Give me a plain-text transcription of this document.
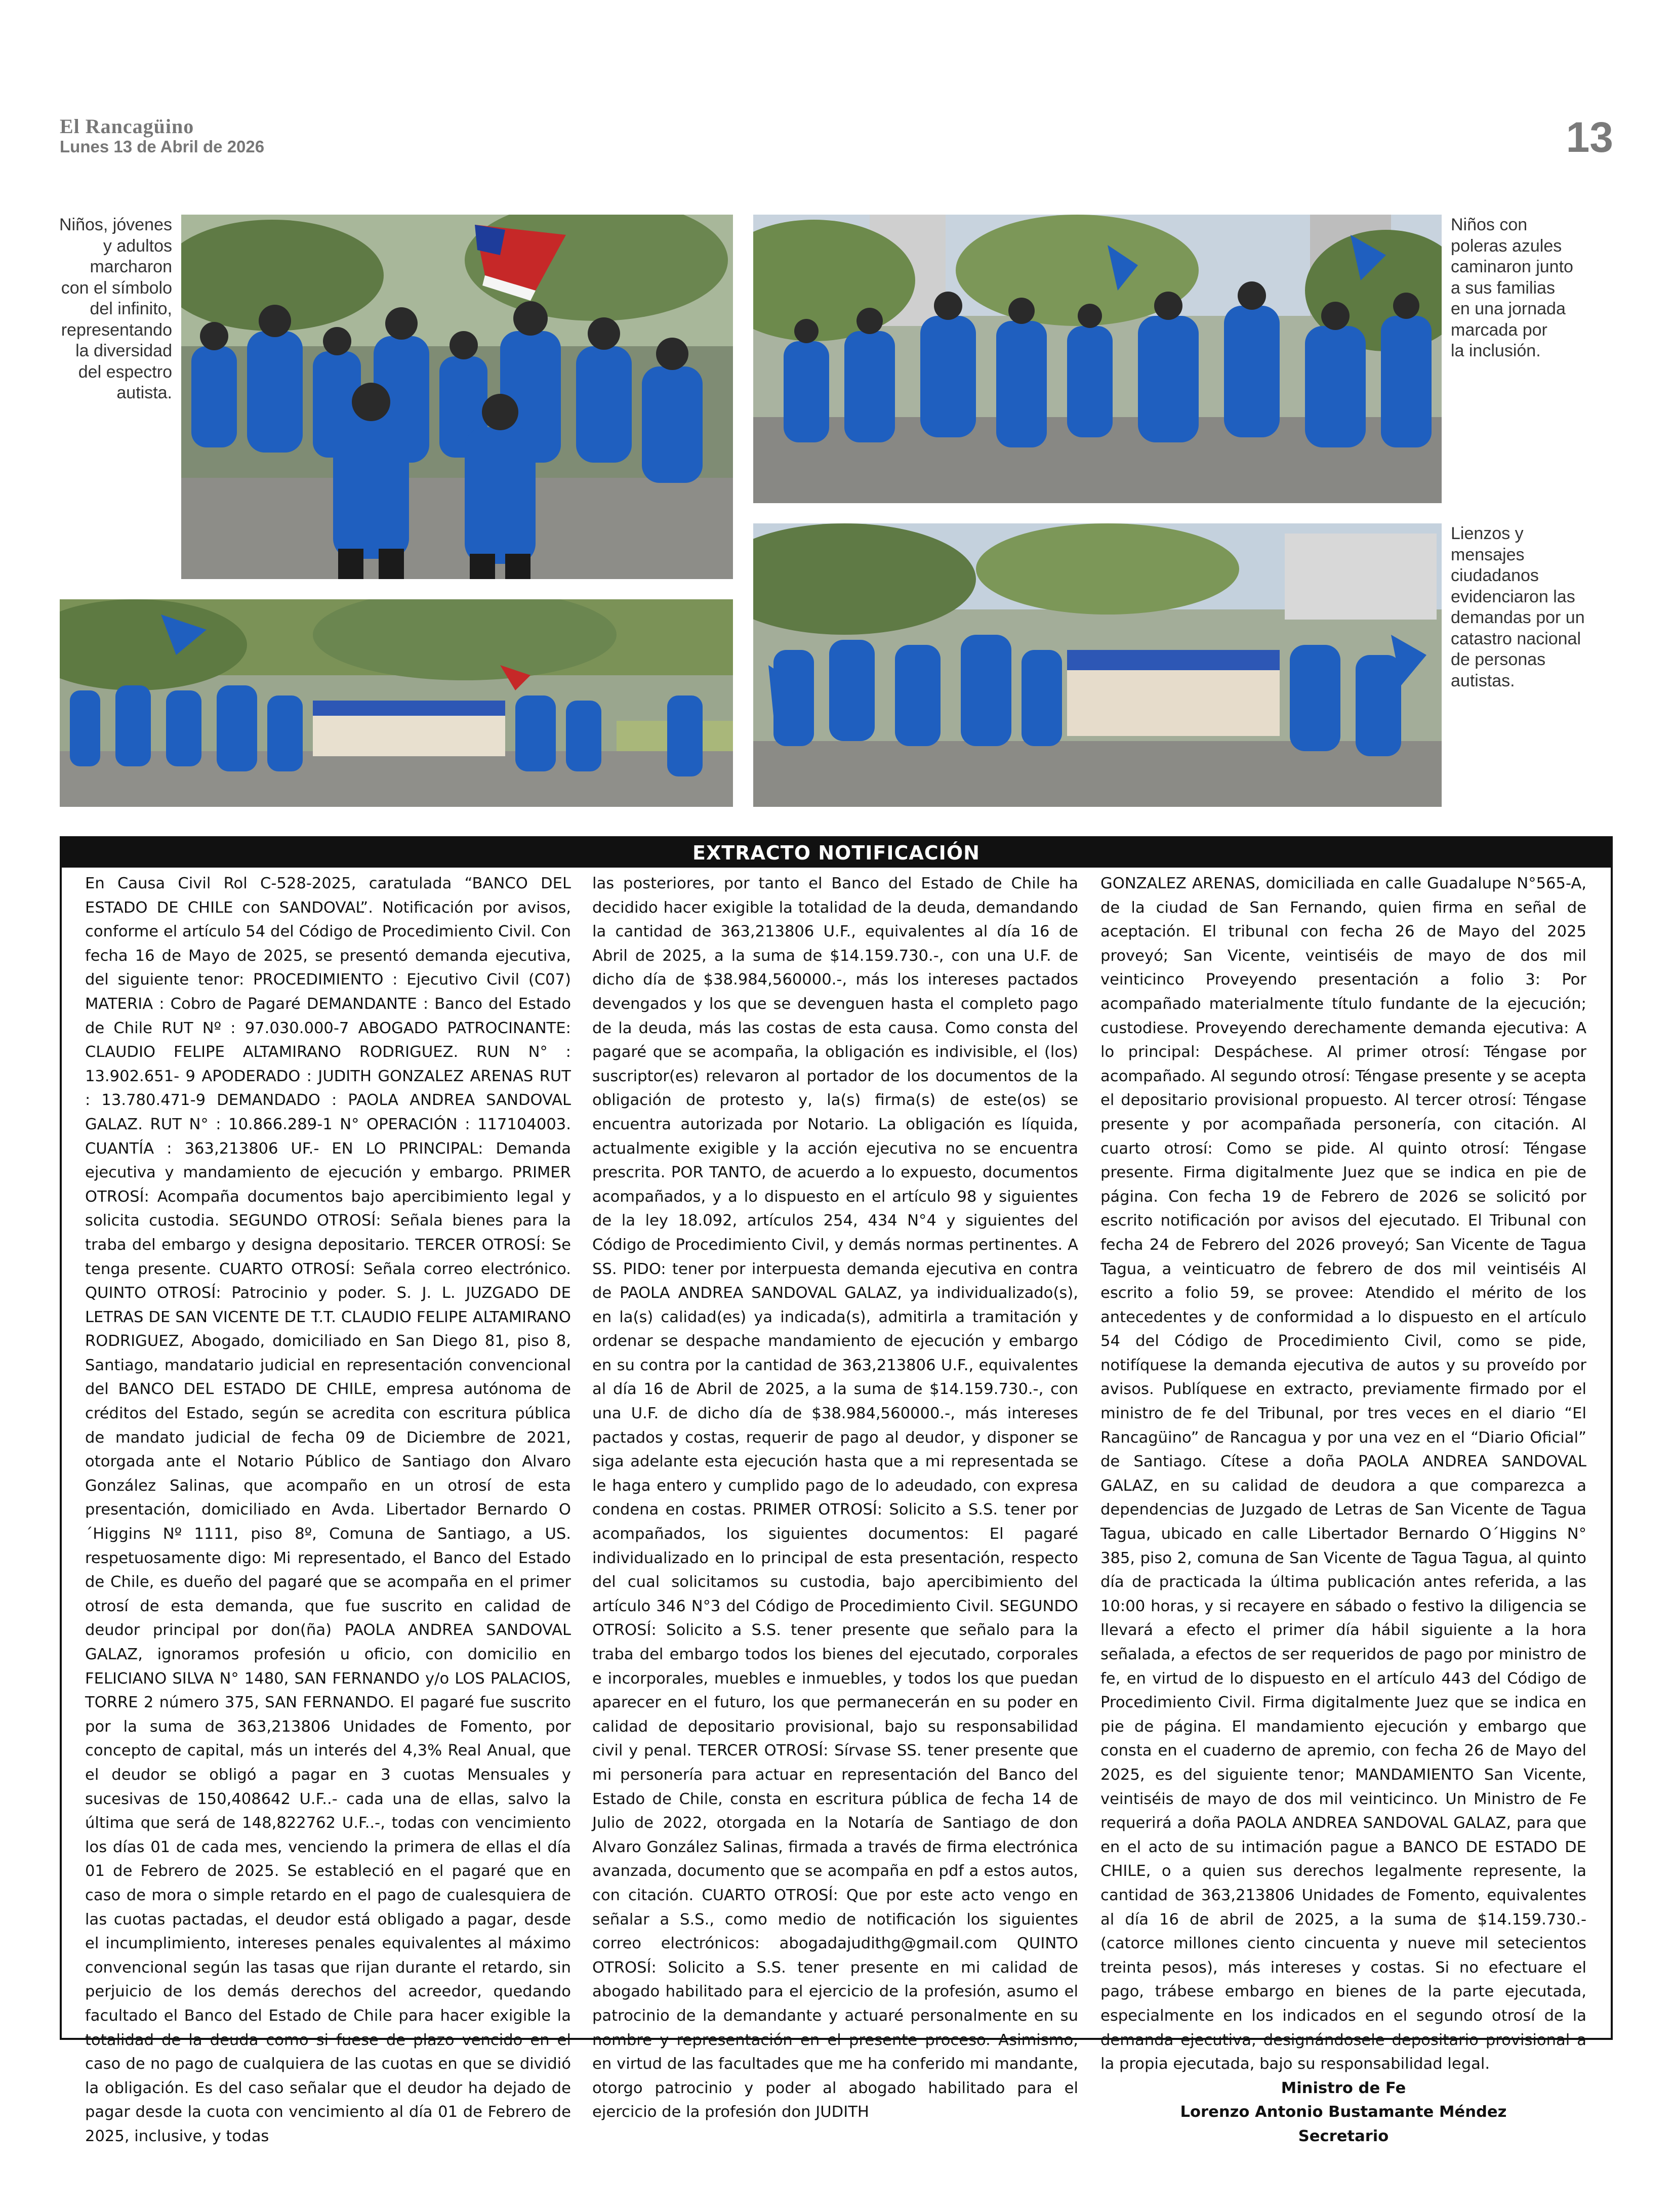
El Rancagüino
Lunes 13 de Abril de 2026	13
Niños, jóvenes
y adultos
marcharon
con el símbolo
del infinito,
representando
la diversidad
del espectro
autista.
Niños con
poleras azules
caminaron junto
a sus familias
en una jornada
marcada por
la inclusión.
Lienzos y
mensajes
ciudadanos
evidenciaron las
demandas por un
catastro nacional
de personas
autistas.
EXTRACTO NOTIFICACIÓN
En Causa Civil Rol C-528-2025, caratulada “BANCO DEL ESTADO DE CHILE con SANDOVAL”. Notificación por avisos, conforme el artículo 54 del Código de Procedimiento Civil. Con fecha 16 de Mayo de 2025, se presentó demanda ejecutiva, del siguiente tenor: PROCEDIMIENTO : Ejecutivo Civil (C07) MATERIA : Cobro de Pagaré DEMANDANTE : Banco del Estado de Chile RUT Nº : 97.030.000-7 ABOGADO PATROCINANTE: CLAUDIO FELIPE ALTAMIRANO RODRIGUEZ. RUN N° : 13.902.651- 9 APODERADO : JUDITH GONZALEZ ARENAS RUT : 13.780.471-9 DEMANDADO : PAOLA ANDREA SANDOVAL GALAZ. RUT N° : 10.866.289-1 N° OPERACIÓN : 117104003. CUANTÍA : 363,213806 UF.- EN LO PRINCIPAL: Demanda ejecutiva y mandamiento de ejecución y embargo. PRIMER OTROSÍ: Acompaña documentos bajo apercibimiento legal y solicita custodia. SEGUNDO OTROSÍ: Señala bienes para la traba del embargo y designa depositario. TERCER OTROSÍ: Se tenga presente. CUARTO OTROSÍ: Señala correo electrónico. QUINTO OTROSÍ: Patrocinio y poder. S. J. L. JUZGADO DE LETRAS DE SAN VICENTE DE T.T. CLAUDIO FELIPE ALTAMIRANO RODRIGUEZ, Abogado, domiciliado en San Diego 81, piso 8, Santiago, mandatario judicial en representación convencional del BANCO DEL ESTADO DE CHILE, empresa autónoma de créditos del Estado, según se acredita con escritura pública de mandato judicial de fecha 09 de Diciembre de 2021, otorgada ante el Notario Público de Santiago don Alvaro González Salinas, que acompaño en un otrosí de esta presentación, domiciliado en Avda. Libertador Bernardo O´Higgins Nº 1111, piso 8º, Comuna de Santiago, a US. respetuosamente digo: Mi representado, el Banco del Estado de Chile, es dueño del pagaré que se acompaña en el primer otrosí de esta demanda, que fue suscrito en calidad de deudor principal por don(ña) PAOLA ANDREA SANDOVAL GALAZ, ignoramos profesión u oficio, con domicilio en FELICIANO SILVA N° 1480, SAN FERNANDO y/o LOS PALACIOS, TORRE 2 número 375, SAN FERNANDO. El pagaré fue suscrito por la suma de 363,213806 Unidades de Fomento, por concepto de capital, más un interés del 4,3% Real Anual, que el deudor se obligó a pagar en 3 cuotas Mensuales y sucesivas de 150,408642 U.F..- cada una de ellas, salvo la última que será de 148,822762 U.F..-, todas con vencimiento los días 01 de cada mes, venciendo la primera de ellas el día 01 de Febrero de 2025. Se estableció en el pagaré que en caso de mora o simple retardo en el pago de cualesquiera de las cuotas pactadas, el deudor está obligado a pagar, desde el incumplimiento, intereses penales equivalentes al máximo convencional según las tasas que rijan durante el retardo, sin perjuicio de los demás derechos del acreedor, quedando facultado el Banco del Estado de Chile para hacer exigible la totalidad de la deuda como si fuese de plazo vencido en el caso de no pago de cualquiera de las cuotas en que se dividió la obligación. Es del caso señalar que el deudor ha dejado de pagar desde la cuota con vencimiento al día 01 de Febrero de 2025, inclusive, y todas
las posteriores, por tanto el Banco del Estado de Chile ha decidido hacer exigible la totalidad de la deuda, demandando la cantidad de 363,213806 U.F., equivalentes al día 16 de Abril de 2025, a la suma de $14.159.730.-, con una U.F. de dicho día de $38.984,560000.-, más los intereses pactados devengados y los que se devenguen hasta el completo pago de la deuda, más las costas de esta causa. Como consta del pagaré que se acompaña, la obligación es indivisible, el (los) suscriptor(es) relevaron al portador de los documentos de la obligación de protesto y, la(s) firma(s) de este(os) se encuentra autorizada por Notario. La obligación es líquida, actualmente exigible y la acción ejecutiva no se encuentra prescrita. POR TANTO, de acuerdo a lo expuesto, documentos acompañados, y a lo dispuesto en el artículo 98 y siguientes de la ley 18.092, artículos 254, 434 N°4 y siguientes del Código de Procedimiento Civil, y demás normas pertinentes. A SS. PIDO: tener por interpuesta demanda ejecutiva en contra de PAOLA ANDREA SANDOVAL GALAZ, ya individualizado(s), en la(s) calidad(es) ya indicada(s), admitirla a tramitación y ordenar se despache mandamiento de ejecución y embargo en su contra por la cantidad de 363,213806 U.F., equivalentes al día 16 de Abril de 2025, a la suma de $14.159.730.-, con una U.F. de dicho día de $38.984,560000.-, más intereses pactados y costas, requerir de pago al deudor, y disponer se siga adelante esta ejecución hasta que a mi representada se le haga entero y cumplido pago de lo adeudado, con expresa condena en costas. PRIMER OTROSÍ: Solicito a S.S. tener por acompañados, los siguientes documentos: El pagaré individualizado en lo principal de esta presentación, respecto del cual solicitamos su custodia, bajo apercibimiento del artículo 346 N°3 del Código de Procedimiento Civil. SEGUNDO OTROSÍ: Solicito a S.S. tener presente que señalo para la traba del embargo todos los bienes del ejecutado, corporales e incorporales, muebles e inmuebles, y todos los que puedan aparecer en el futuro, los que permanecerán en su poder en calidad de depositario provisional, bajo su responsabilidad civil y penal. TERCER OTROSÍ: Sírvase SS. tener presente que mi personería para actuar en representación del Banco del Estado de Chile, consta en escritura pública de fecha 14 de Julio de 2022, otorgada en la Notaría de Santiago de don Alvaro González Salinas, firmada a través de firma electrónica avanzada, documento que se acompaña en pdf a estos autos, con citación. CUARTO OTROSÍ: Que por este acto vengo en señalar a S.S., como medio de notificación los siguientes correo electrónicos: abogadajudithg@gmail.com QUINTO OTROSÍ: Solicito a S.S. tener presente en mi calidad de abogado habilitado para el ejercicio de la profesión, asumo el patrocinio de la demandante y actuaré personalmente en su nombre y representación en el presente proceso. Asimismo, en virtud de las facultades que me ha conferido mi mandante, otorgo patrocinio y poder al abogado habilitado para el ejercicio de la profesión don JUDITH
GONZALEZ ARENAS, domiciliada en calle Guadalupe N°565-A, de la ciudad de San Fernando, quien firma en señal de aceptación. El tribunal con fecha 26 de Mayo del 2025 proveyó; San Vicente, veintiséis de mayo de dos mil veinticinco Proveyendo presentación a folio 3: Por acompañado materialmente título fundante de la ejecución; custodiese. Proveyendo derechamente demanda ejecutiva: A lo principal: Despáchese. Al primer otrosí: Téngase por acompañado. Al segundo otrosí: Téngase presente y se acepta el depositario provisional propuesto. Al tercer otrosí: Téngase presente y por acompañada personería, con citación. Al cuarto otrosí: Como se pide. Al quinto otrosí: Téngase presente. Firma digitalmente Juez que se indica en pie de página. Con fecha 19 de Febrero de 2026 se solicitó por escrito notificación por avisos del ejecutado. El Tribunal con fecha 24 de Febrero del 2026 proveyó; San Vicente de Tagua Tagua, a veinticuatro de febrero de dos mil veintiséis Al escrito a folio 59, se provee: Atendido el mérito de los antecedentes y de conformidad a lo dispuesto en el artículo 54 del Código de Procedimiento Civil, como se pide, notifíquese la demanda ejecutiva de autos y su proveído por avisos. Publíquese en extracto, previamente firmado por el ministro de fe del Tribunal, por tres veces en el diario “El Rancagüino” de Rancagua y por una vez en el “Diario Oficial” de Santiago. Cítese a doña PAOLA ANDREA SANDOVAL GALAZ, en su calidad de deudora a que comparezca a dependencias de Juzgado de Letras de San Vicente de Tagua Tagua, ubicado en calle Libertador Bernardo O´Higgins N° 385, piso 2, comuna de San Vicente de Tagua Tagua, al quinto día de practicada la última publicación antes referida, a las 10:00 horas, y si recayere en sábado o festivo la diligencia se llevará a efecto el primer día hábil siguiente a la hora señalada, a efectos de ser requeridos de pago por ministro de fe, en virtud de lo dispuesto en el artículo 443 del Código de Procedimiento Civil. Firma digitalmente Juez que se indica en pie de página. El mandamiento ejecución y embargo que consta en el cuaderno de apremio, con fecha 26 de Mayo del 2025, es del siguiente tenor; MANDAMIENTO San Vicente, veintiséis de mayo de dos mil veinticinco. Un Ministro de Fe requerirá a doña PAOLA ANDREA SANDOVAL GALAZ, para que en el acto de su intimación pague a BANCO DE ESTADO DE CHILE, o a quien sus derechos legalmente represente, la cantidad de 363,213806 Unidades de Fomento, equivalentes al día 16 de abril de 2025, a la suma de $14.159.730.- (catorce millones ciento cincuenta y nueve mil setecientos treinta pesos), más intereses y costas. Si no efectuare el pago, trábese embargo en bienes de la parte ejecutada, especialmente en los indicados en el segundo otrosí de la demanda ejecutiva, designándosele depositario provisional a la propia ejecutada, bajo su responsabilidad legal.
Ministro de Fe
Lorenzo Antonio Bustamante Méndez
Secretario
